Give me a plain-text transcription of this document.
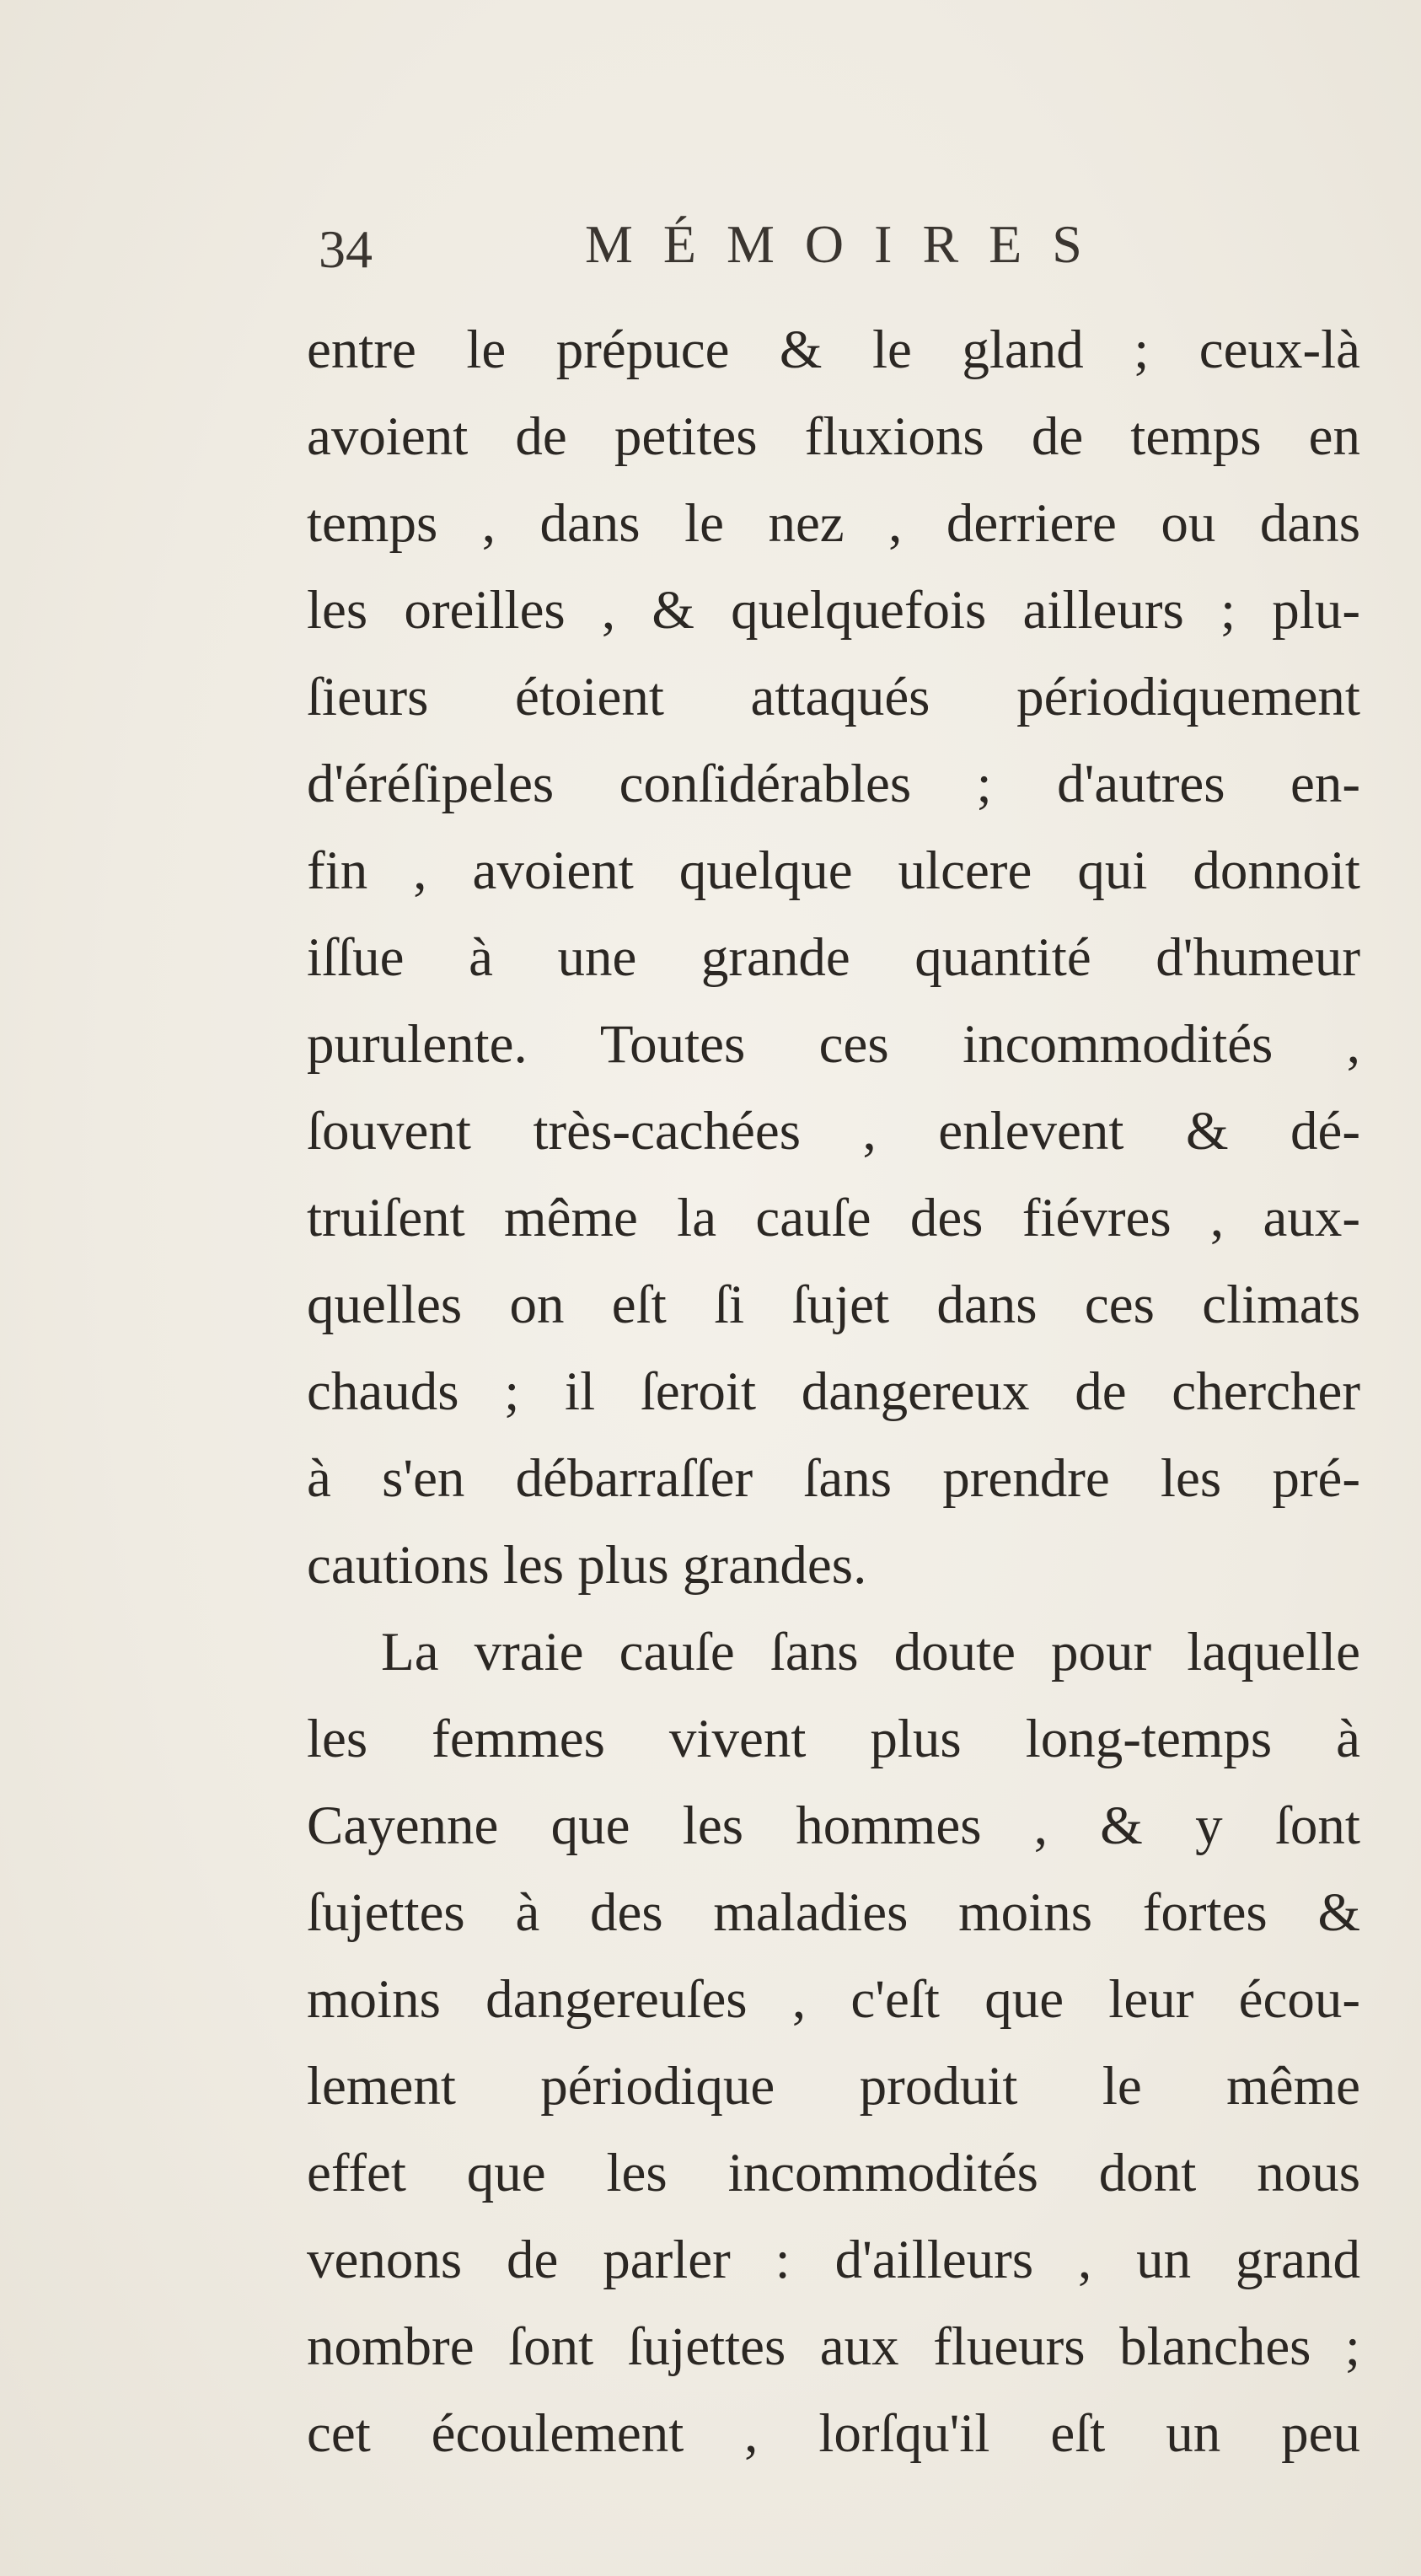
34	MÉMOIRES
entre le prépuce & le gland ; ceux-là
avoient de petites fluxions de temps en
temps , dans le nez , derriere ou dans
les oreilles , & quelquefois ailleurs ; plu-
ſieurs étoient attaqués périodiquement
d'éréſipeles conſidérables ; d'autres en-
fin , avoient quelque ulcere qui donnoit
iſſue à une grande quantité d'humeur
purulente. Toutes ces incommodités ,
ſouvent très-cachées , enlevent & dé-
truiſent même la cauſe des fiévres , aux-
quelles on eſt ſi ſujet dans ces climats
chauds ; il ſeroit dangereux de chercher
à s'en débarraſſer ſans prendre les pré-
cautions les plus grandes.
La vraie cauſe ſans doute pour laquelle
les femmes vivent plus long-temps à
Cayenne que les hommes , & y ſont
ſujettes à des maladies moins fortes &
moins dangereuſes , c'eſt que leur écou-
lement périodique produit le même
effet que les incommodités dont nous
venons de parler : d'ailleurs , un grand
nombre ſont ſujettes aux flueurs blanches ;
cet écoulement , lorſqu'il eſt un peu
